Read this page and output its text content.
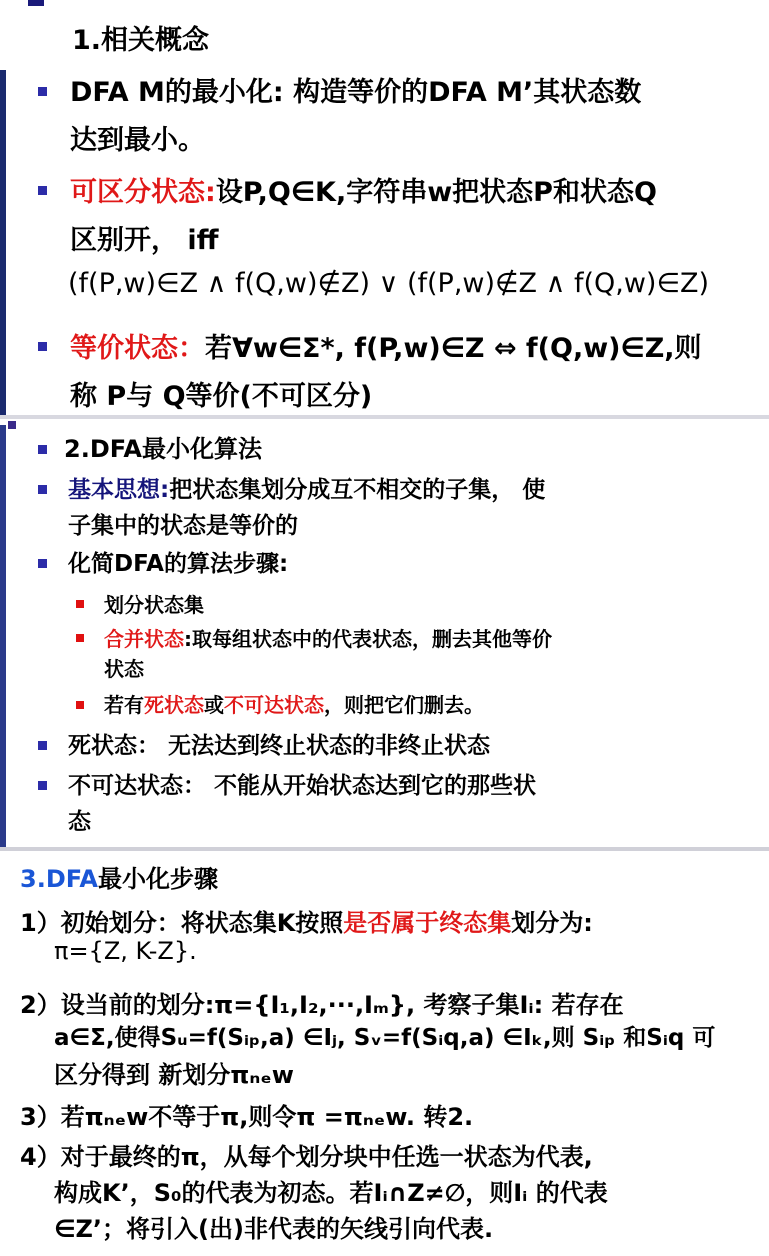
1.相关概念
DFA M的最小化: 构造等价的DFA M’其状态数
达到最小。
可区分状态:设P,Q∈K,字符串w把状态P和状态Q
区别开， iff
(f(P,w)∈Z ∧ f(Q,w)∉Z) ∨ (f(P,w)∉Z ∧ f(Q,w)∈Z)
等价状态：若∀w∈Σ*, f(P,w)∈Z ⇔ f(Q,w)∈Z,则
称 P与 Q等价(不可区分)
2.DFA最小化算法
基本思想:把状态集划分成互不相交的子集， 使
子集中的状态是等价的
化简DFA的算法步骤:
划分状态集
合并状态:取每组状态中的代表状态，删去其他等价
状态
若有死状态或不可达状态，则把它们删去。
死状态： 无法达到终止状态的非终止状态
不可达状态： 不能从开始状态达到它的那些状
态
3.DFA最小化步骤
1）初始划分：将状态集K按照是否属于终态集划分为:
π={Z, K-Z}.
2）设当前的划分:π={I₁,I₂,···,Iₘ}, 考察子集Iᵢ: 若存在
a∈Σ,使得Sᵤ=f(Sᵢₚ,a) ∈Iⱼ, Sᵥ=f(Sᵢq,a) ∈Iₖ,则 Sᵢₚ 和Sᵢq 可
区分得到 新划分πₙₑw
3）若πₙₑw不等于π,则令π =πₙₑw. 转2.
4）对于最终的π，从每个划分块中任选一状态为代表,
构成K’，S₀的代表为初态。若Iᵢ∩Z≠∅，则Iᵢ 的代表
∈Z’；将引入(出)非代表的矢线引向代表.
